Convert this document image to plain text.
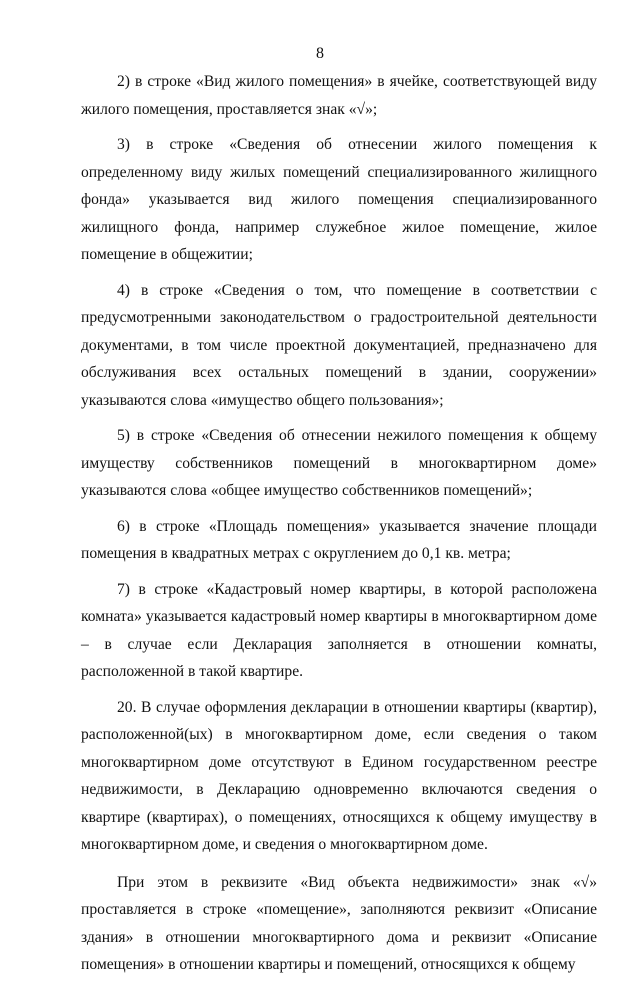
8

2) в строке «Вид жилого помещения» в ячейке, соответствующей виду жилого помещения, проставляется знак «√»;

3) в строке «Сведения об отнесении жилого помещения к определенному виду жилых помещений специализированного жилищного фонда» указывается вид жилого помещения специализированного жилищного фонда, например служебное жилое помещение, жилое помещение в общежитии;

4) в строке «Сведения о том, что помещение в соответствии с предусмотренными законодательством о градостроительной деятельности документами, в том числе проектной документацией, предназначено для обслуживания всех остальных помещений в здании, сооружении» указываются слова «имущество общего пользования»;

5) в строке «Сведения об отнесении нежилого помещения к общему имуществу собственников помещений в многоквартирном доме» указываются слова «общее имущество собственников помещений»;

6) в строке «Площадь помещения» указывается значение площади помещения в квадратных метрах с округлением до 0,1 кв. метра;

7) в строке «Кадастровый номер квартиры, в которой расположена комната» указывается кадастровый номер квартиры в многоквартирном доме – в случае если Декларация заполняется в отношении комнаты, расположенной в такой квартире.

20. В случае оформления декларации в отношении квартиры (квартир), расположенной(ых) в многоквартирном доме, если сведения о таком многоквартирном доме отсутствуют в Едином государственном реестре недвижимости, в Декларацию одновременно включаются сведения о квартире (квартирах), о помещениях, относящихся к общему имуществу в многоквартирном доме, и сведения о многоквартирном доме.

При этом в реквизите «Вид объекта недвижимости» знак «√» проставляется в строке «помещение», заполняются реквизит «Описание здания» в отношении многоквартирного дома и реквизит «Описание помещения» в отношении квартиры и помещений, относящихся к общему
